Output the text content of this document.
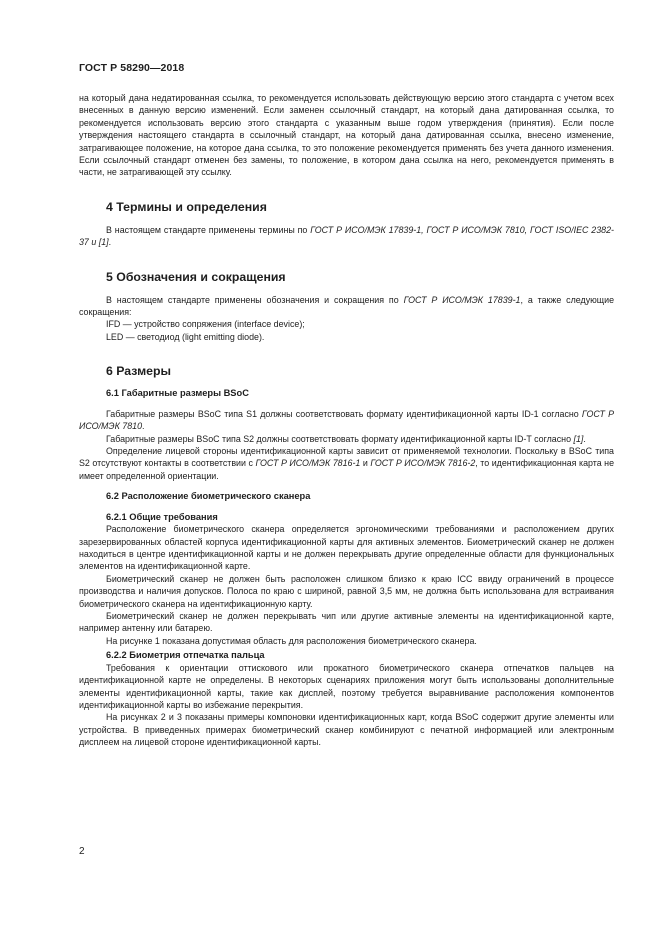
ГОСТ Р 58290—2018

на который дана недатированная ссылка, то рекомендуется использовать действующую версию этого стандарта с учетом всех внесенных в данную версию изменений. Если заменен ссылочный стандарт, на который дана датированная ссылка, то рекомендуется использовать версию этого стандарта с указанным выше годом утверждения (принятия). Если после утверждения настоящего стандарта в ссылочный стандарт, на который дана датированная ссылка, внесено изменение, затрагивающее положение, на которое дана ссылка, то это положение рекомендуется применять без учета данного изменения. Если ссылочный стандарт отменен без замены, то положение, в котором дана ссылка на него, рекомендуется применять в части, не затрагивающей эту ссылку.

4 Термины и определения

В настоящем стандарте применены термины по ГОСТ Р ИСО/МЭК 17839-1, ГОСТ Р ИСО/МЭК 7810, ГОСТ ISO/IEC 2382-37 и [1].

5 Обозначения и сокращения

В настоящем стандарте применены обозначения и сокращения по ГОСТ Р ИСО/МЭК 17839-1, а также следующие сокращения:

IFD — устройство сопряжения (interface device);

LED — светодиод (light emitting diode).

6 Размеры
6.1 Габаритные размеры BSoC

Габаритные размеры BSoC типа S1 должны соответствовать формату идентификационной карты ID-1 согласно ГОСТ Р ИСО/МЭК 7810.

Габаритные размеры BSoC типа S2 должны соответствовать формату идентификационной карты ID-T согласно [1].

Определение лицевой стороны идентификационной карты зависит от применяемой технологии. Поскольку в BSoC типа S2 отсутствуют контакты в соответствии с ГОСТ Р ИСО/МЭК 7816-1 и ГОСТ Р ИСО/МЭК 7816-2, то идентификационная карта не имеет определенной ориентации.

6.2 Расположение биометрического сканера
6.2.1 Общие требования

Расположение биометрического сканера определяется эргономическими требованиями и расположением других зарезервированных областей корпуса идентификационной карты для активных элементов. Биометрический сканер не должен находиться в центре идентификационной карты и не должен перекрывать другие определенные области для функциональных элементов на идентификационной карте.

Биометрический сканер не должен быть расположен слишком близко к краю ICC ввиду ограничений в процессе производства и наличия допусков. Полоса по краю с шириной, равной 3,5 мм, не должна быть использована для встраивания биометрического сканера на идентификационную карту.

Биометрический сканер не должен перекрывать чип или другие активные элементы на идентификационной карте, например антенну или батарею.

На рисунке 1 показана допустимая область для расположения биометрического сканера.

6.2.2 Биометрия отпечатка пальца

Требования к ориентации оттискового или прокатного биометрического сканера отпечатков пальцев на идентификационной карте не определены. В некоторых сценариях приложения могут быть использованы дополнительные элементы идентификационной карты, такие как дисплей, поэтому требуется выравнивание расположения компонентов идентификационной карты во избежание перекрытия.

На рисунках 2 и 3 показаны примеры компоновки идентификационных карт, когда BSoC содержит другие элементы или устройства. В приведенных примерах биометрический сканер комбинируют с печатной информацией или электронным дисплеем на лицевой стороне идентификационной карты.

2
